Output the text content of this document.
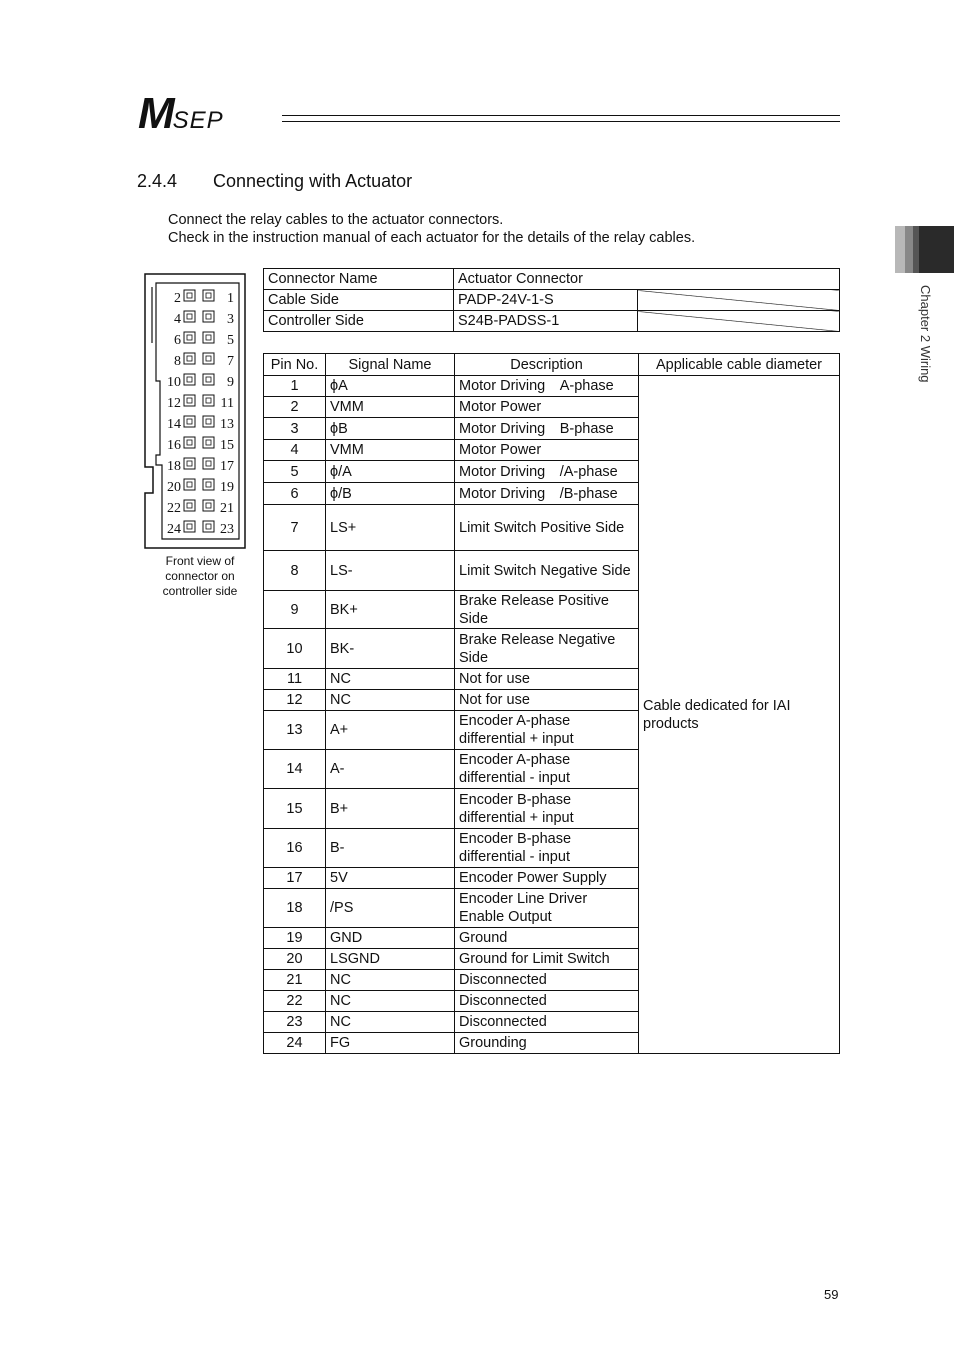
MSEP
Chapter 2 Wiring
2.4.4 Connecting with Actuator
Connect the relay cables to the actuator connectors.
Check in the instruction manual of each actuator for the details of the relay cables.
2	1
4	3
6	5
8	7
10	9
12	11
14	13
16	15
18	17
20	19
22	21
24	23
Front view of connector on controller side
Connector Name	Actuator Connector	
Cable Side	PADP-24V-1-S	
Controller Side	S24B-PADSS-1	
Pin No.	Signal Name	Description	Applicable cable diameter
1	ϕA	Motor Driving A-phase	Cable dedicated for IAI products
2	VMM	Motor Power	
3	ϕB	Motor Driving B-phase	
4	VMM	Motor Power	
5	ϕ/A	Motor Driving /A-phase	
6	ϕ/B	Motor Driving /B-phase	
7	LS+	Limit Switch Positive Side	
8	LS-	Limit Switch Negative Side	
9	BK+	Brake Release Positive Side	
10	BK-	Brake Release Negative Side	
11	NC	Not for use	
12	NC	Not for use	
13	A+	Encoder A-phase differential + input	
14	A-	Encoder A-phase differential - input	
15	B+	Encoder B-phase differential + input	
16	B-	Encoder B-phase differential - input	
17	5V	Encoder Power Supply	
18	/PS	Encoder Line Driver Enable Output	
19	GND	Ground	
20	LSGND	Ground for Limit Switch	
21	NC	Disconnected	
22	NC	Disconnected	
23	NC	Disconnected	
24	FG	Grounding	
59
